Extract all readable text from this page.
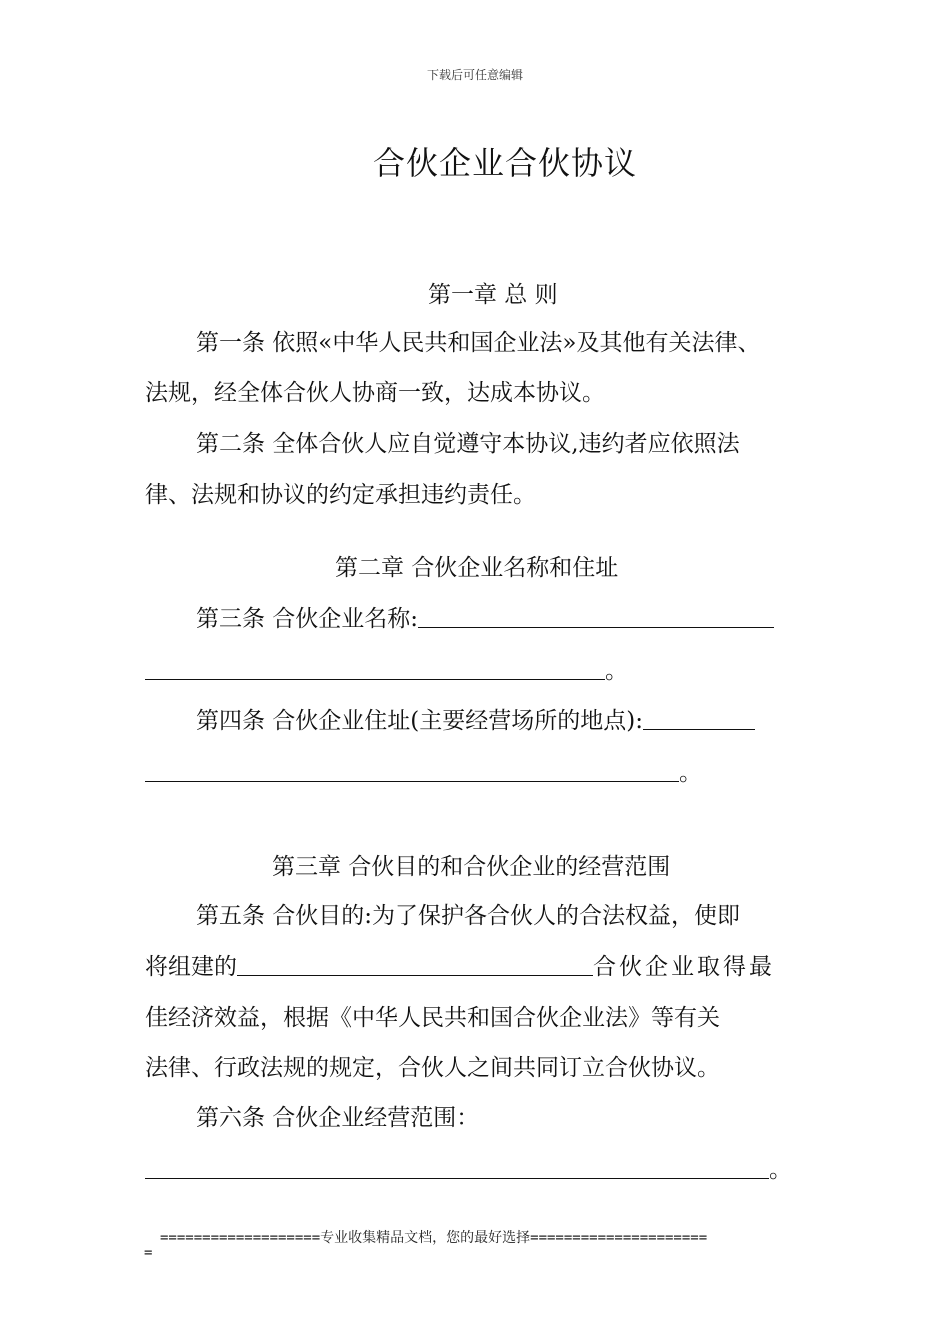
下载后可任意编辑
合伙企业合伙协议
第一章 总 则
第一条 依照«中华人民共和国企业法»及其他有关法律、
法规，经全体合伙人协商一致，达成本协议。
第二条 全体合伙人应自觉遵守本协议,违约者应依照法
律、法规和协议的约定承担违约责任。
第二章 合伙企业名称和住址
第三条 合伙企业名称:
。
第四条 合伙企业住址(主要经营场所的地点):
。
第三章 合伙目的和合伙企业的经营范围
第五条 合伙目的:为了保护各合伙人的合法权益，使即
将组建的	合伙企业取得最
佳经济效益，根据《中华人民共和国合伙企业法》等有关
法律、行政法规的规定，合伙人之间共同订立合伙协议。
第六条 合伙企业经营范围：
。
===================专业收集精品文档，您的最好选择=====================
=
